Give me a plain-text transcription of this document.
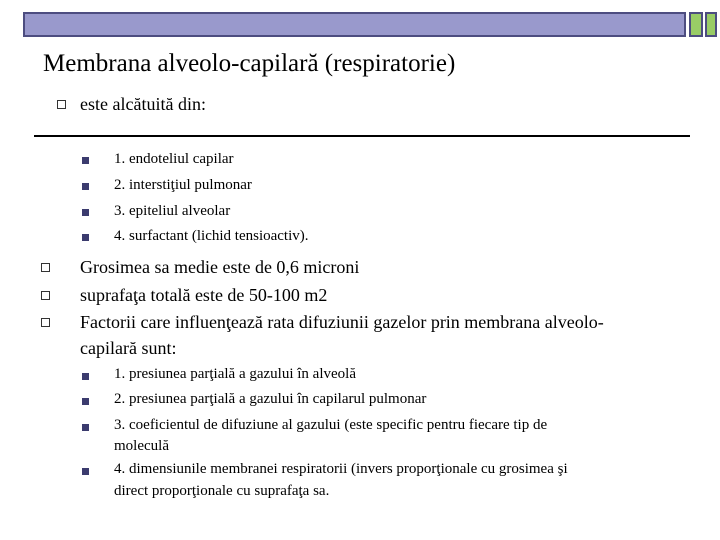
Membrana alveolo-capilară (respiratorie)
este alcătuită din:
1. endoteliul capilar
2. interstiţiul pulmonar
3. epiteliul alveolar
4. surfactant (lichid tensioactiv).
Grosimea sa medie este de 0,6 microni
suprafaţa totală este de 50-100 m2
Factorii care influenţează rata difuziunii gazelor prin membrana alveolo-
capilară sunt:
1. presiunea parţială a gazului în alveolă
2. presiunea parţială a gazului în capilarul pulmonar
3. coeficientul de difuziune al gazului (este specific pentru fiecare tip de
moleculă
4. dimensiunile membranei respiratorii (invers proporţionale cu grosimea şi
direct proporţionale cu suprafaţa sa.
